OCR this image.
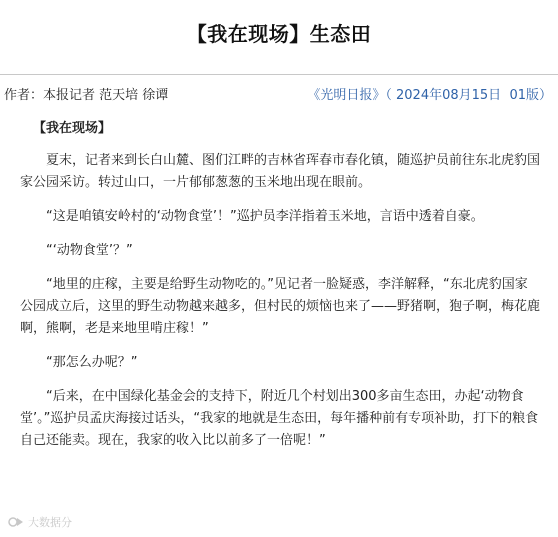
【我在现场】生态田
作者：本报记者 范天培 徐谭	《光明日报》（ 2024年08月15日 01版）

【我在现场】

夏末，记者来到长白山麓、图们江畔的吉林省珲春市春化镇，随巡护员前往东北虎豹国家公园采访。转过山口，一片郁郁葱葱的玉米地出现在眼前。

“这是咱镇安岭村的‘动物食堂’！”巡护员李洋指着玉米地，言语中透着自豪。

“‘动物食堂’？”

“地里的庄稼，主要是给野生动物吃的。”见记者一脸疑惑，李洋解释，“东北虎豹国家公园成立后，这里的野生动物越来越多，但村民的烦恼也来了——野猪啊，狍子啊，梅花鹿啊，熊啊，老是来地里啃庄稼！”

“那怎么办呢？”

“后来，在中国绿化基金会的支持下，附近几个村划出300多亩生态田，办起‘动物食堂’。”巡护员孟庆海接过话头，“我家的地就是生态田，每年播种前有专项补助，打下的粮食自己还能卖。现在，我家的收入比以前多了一倍呢！”

大数据分
